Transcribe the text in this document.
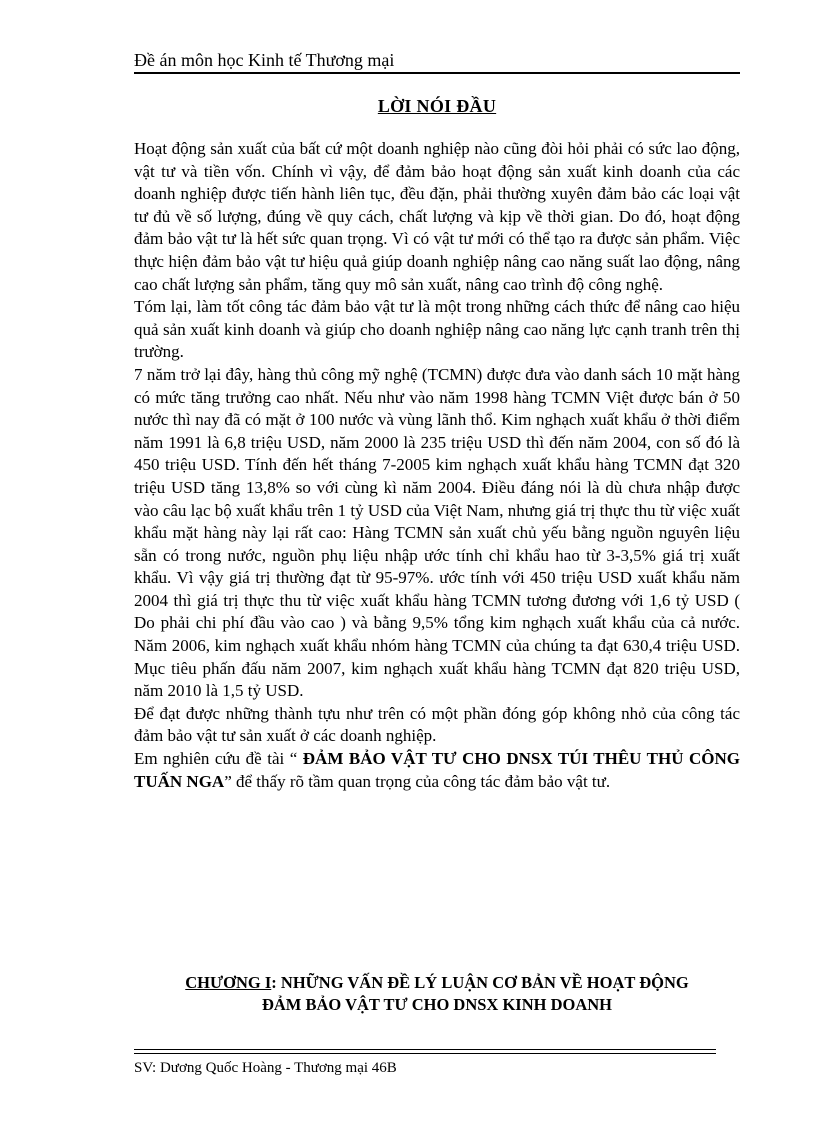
Đề án môn học Kinh tế Thương mại
LỜI NÓI ĐẦU

Hoạt động sản xuất của bất cứ một doanh nghiệp nào cũng đòi hỏi phải có sức lao động, vật tư và tiền vốn. Chính vì vậy, để đảm bảo hoạt động sản xuất kinh doanh của các doanh nghiệp được tiến hành liên tục, đều đặn, phải thường xuyên đảm bảo các loại vật tư đủ về số lượng, đúng về quy cách, chất lượng và kịp về thời gian. Do đó, hoạt động đảm bảo vật tư là hết sức quan trọng. Vì có vật tư mới có thể tạo ra được sản phẩm. Việc thực hiện đảm bảo vật tư hiệu quả giúp doanh nghiệp nâng cao năng suất lao động, nâng cao chất lượng sản phẩm, tăng quy mô sản xuất, nâng cao trình độ công nghệ.

Tóm lại, làm tốt công tác đảm bảo vật tư là một trong những cách thức để nâng cao hiệu quả sản xuất kinh doanh và giúp cho doanh nghiệp nâng cao năng lực cạnh tranh trên thị trường.

7 năm trở lại đây, hàng thủ công mỹ nghệ (TCMN) được đưa vào danh sách 10 mặt hàng có mức tăng trưởng cao nhất. Nếu như vào năm 1998 hàng TCMN Việt được bán ở 50 nước thì nay đã có mặt ở 100 nước và vùng lãnh thổ. Kim nghạch xuất khẩu ở thời điểm năm 1991 là 6,8 triệu USD, năm 2000 là 235 triệu USD thì đến năm 2004, con số đó là 450 triệu USD. Tính đến hết tháng 7-2005 kim nghạch xuất khẩu hàng TCMN đạt 320 triệu USD tăng 13,8% so với cùng kì năm 2004. Điều đáng nói là dù chưa nhập được vào câu lạc bộ xuất khẩu trên 1 tỷ USD của Việt Nam, nhưng giá trị thực thu từ việc xuất khẩu mặt hàng này lại rất cao: Hàng TCMN sản xuất chủ yếu bằng nguồn nguyên liệu sẵn có trong nước, nguồn phụ liệu nhập ước tính chỉ khẩu hao từ 3-3,5% giá trị xuất khẩu. Vì vậy giá trị thường đạt từ 95-97%. ước tính với 450 triệu USD xuất khẩu năm 2004 thì giá trị thực thu từ việc xuất khẩu hàng TCMN tương đương với 1,6 tỷ USD ( Do phải chi phí đầu vào cao ) và bằng 9,5% tổng kim nghạch xuất khẩu của cả nước. Năm 2006, kim nghạch xuất khẩu nhóm hàng TCMN của chúng ta đạt 630,4 triệu USD. Mục tiêu phấn đấu năm 2007, kim nghạch xuất khẩu hàng TCMN đạt 820 triệu USD, năm 2010 là 1,5 tỷ USD.

Để đạt được những thành tựu như trên có một phần đóng góp không nhỏ của công tác đảm bảo vật tư sản xuất ở các doanh nghiệp.

Em nghiên cứu đề tài “ ĐẢM BẢO VẬT TƯ CHO DNSX TÚI THÊU THỦ CÔNG TUẤN NGA” để thấy rõ tầm quan trọng của công tác đảm bảo vật tư.

CHƯƠNG I: NHỮNG VẤN ĐỀ LÝ LUẬN CƠ BẢN VỀ HOẠT ĐỘNG
ĐẢM BẢO VẬT TƯ CHO DNSX KINH DOANH
SV: Dương Quốc Hoàng - Thương mại 46B
